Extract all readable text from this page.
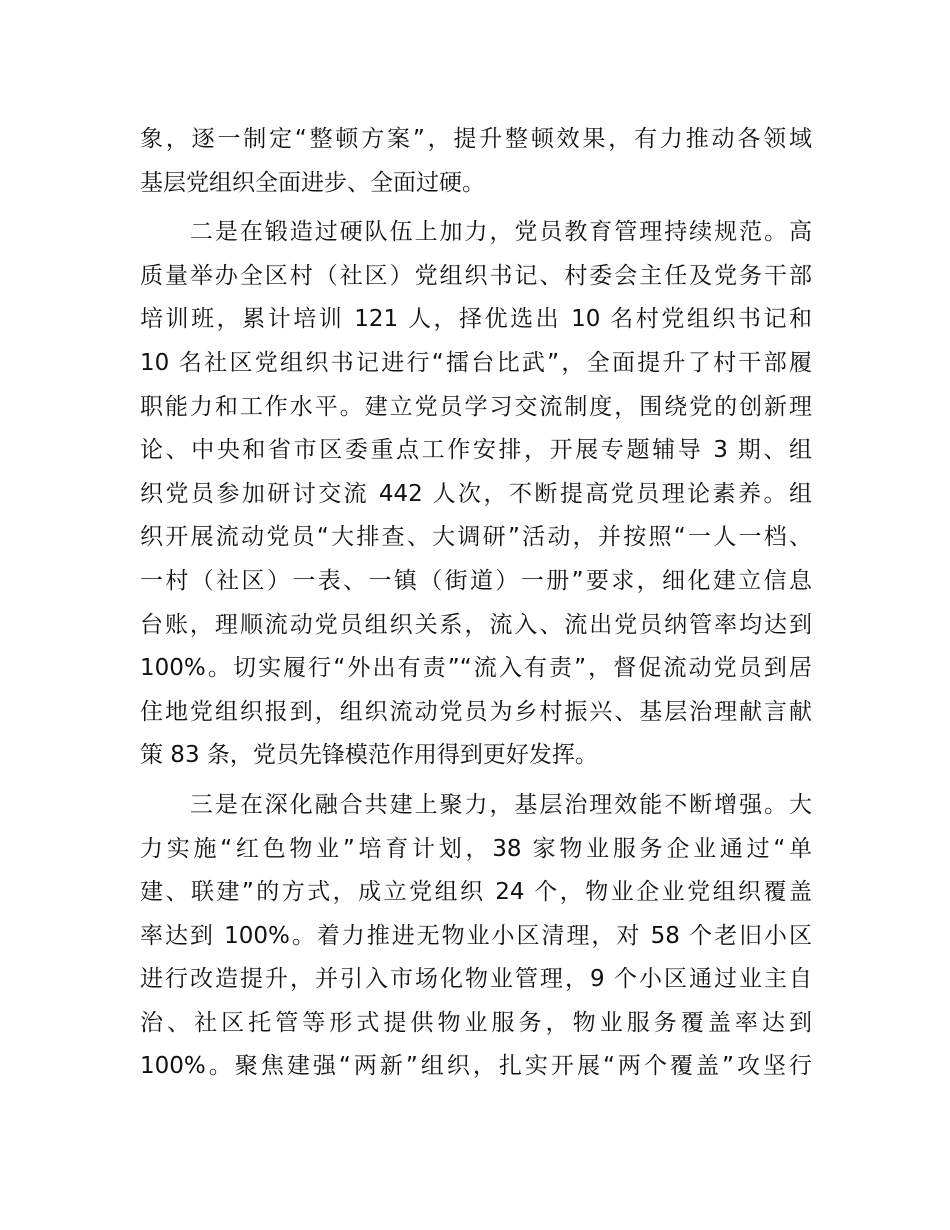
象，逐一制定“整顿方案”，提升整顿效果，有力推动各领域
基层党组织全面进步、全面过硬。
　　二是在锻造过硬队伍上加力，党员教育管理持续规范。高
质量举办全区村（社区）党组织书记、村委会主任及党务干部
培训班，累计培训 121 人，择优选出 10 名村党组织书记和
10 名社区党组织书记进行“擂台比武”，全面提升了村干部履
职能力和工作水平。建立党员学习交流制度，围绕党的创新理
论、中央和省市区委重点工作安排，开展专题辅导 3 期、组
织党员参加研讨交流 442 人次，不断提高党员理论素养。组
织开展流动党员“大排查、大调研”活动，并按照“一人一档、
一村（社区）一表、一镇（街道）一册”要求，细化建立信息
台账，理顺流动党员组织关系，流入、流出党员纳管率均达到
100%。切实履行“外出有责”“流入有责”，督促流动党员到居
住地党组织报到，组织流动党员为乡村振兴、基层治理献言献
策 83 条，党员先锋模范作用得到更好发挥。
　　三是在深化融合共建上聚力，基层治理效能不断增强。大
力实施“红色物业”培育计划，38 家物业服务企业通过“单
建、联建”的方式，成立党组织 24 个，物业企业党组织覆盖
率达到 100%。着力推进无物业小区清理，对 58 个老旧小区
进行改造提升，并引入市场化物业管理，9 个小区通过业主自
治、社区托管等形式提供物业服务，物业服务覆盖率达到
100%。聚焦建强“两新”组织，扎实开展“两个覆盖”攻坚行
